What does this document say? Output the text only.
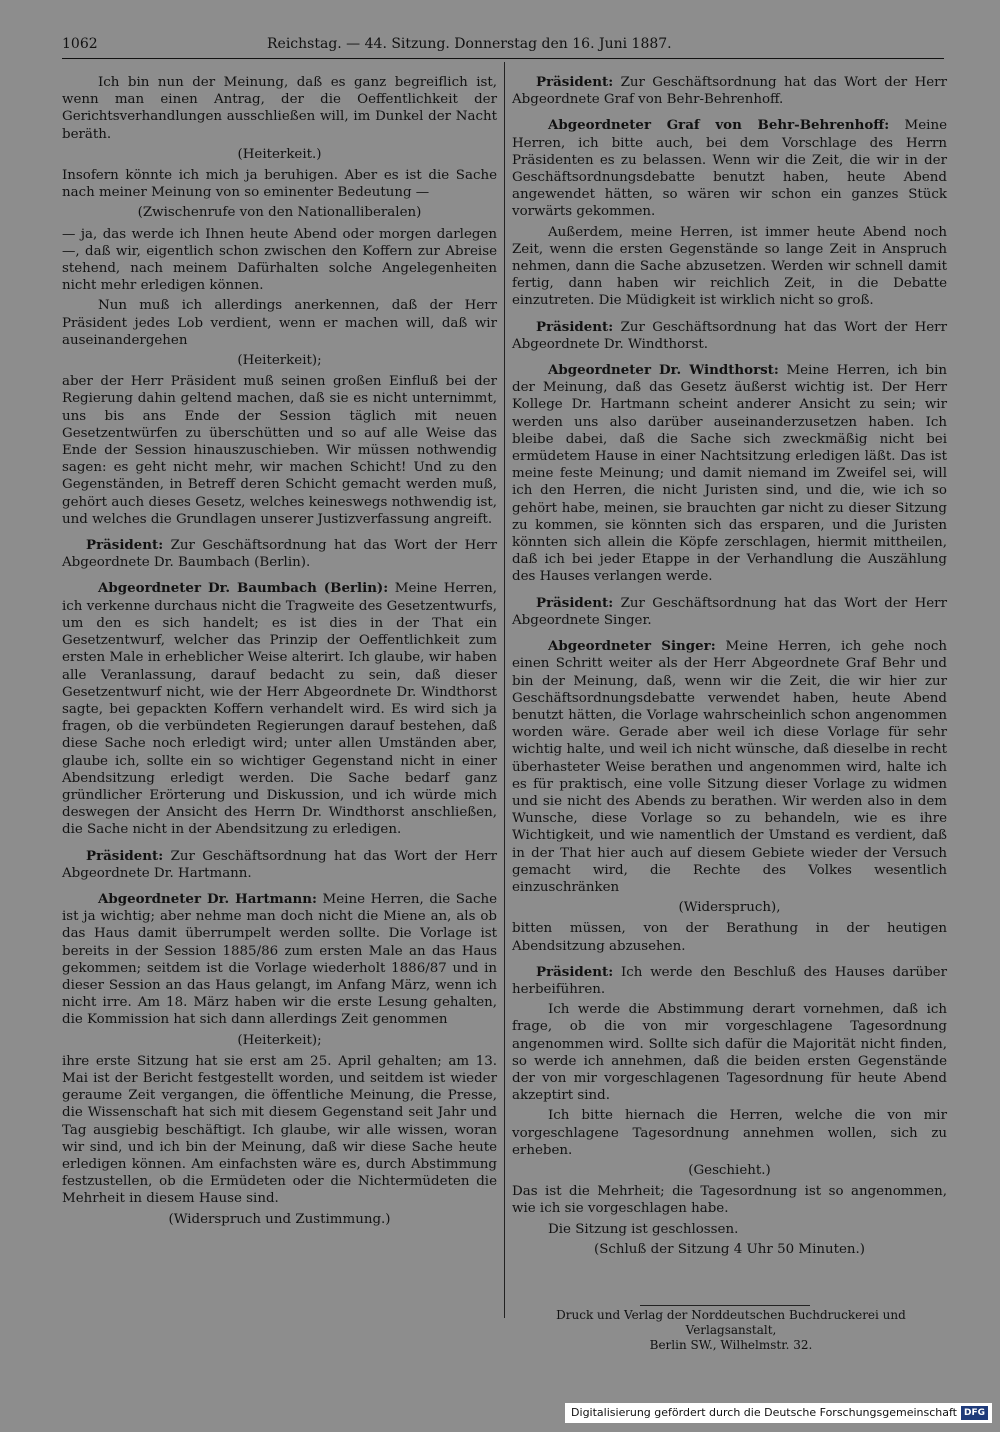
1062	Reichstag. — 44. Sitzung. Donnerstag den 16. Juni 1887.

Ich bin nun der Meinung, daß es ganz begreiflich ist, wenn man einen Antrag, der die Oeffentlichkeit der Gerichtsverhandlungen ausschließen will, im Dunkel der Nacht beräth.

(Heiterkeit.)

Insofern könnte ich mich ja beruhigen. Aber es ist die Sache nach meiner Meinung von so eminenter Bedeutung —

(Zwischenrufe von den Nationalliberalen)

— ja, das werde ich Ihnen heute Abend oder morgen darlegen —, daß wir, eigentlich schon zwischen den Koffern zur Abreise stehend, nach meinem Dafürhalten solche Angelegenheiten nicht mehr erledigen können.

Nun muß ich allerdings anerkennen, daß der Herr Präsident jedes Lob verdient, wenn er machen will, daß wir auseinandergehen

(Heiterkeit);

aber der Herr Präsident muß seinen großen Einfluß bei der Regierung dahin geltend machen, daß sie es nicht unternimmt, uns bis ans Ende der Session täglich mit neuen Gesetzentwürfen zu überschütten und so auf alle Weise das Ende der Session hinauszuschieben. Wir müssen nothwendig sagen: es geht nicht mehr, wir machen Schicht! Und zu den Gegenständen, in Betreff deren Schicht gemacht werden muß, gehört auch dieses Gesetz, welches keineswegs nothwendig ist, und welches die Grundlagen unserer Justizverfassung angreift.

Präsident: Zur Geschäftsordnung hat das Wort der Herr Abgeordnete Dr. Baumbach (Berlin).

Abgeordneter Dr. Baumbach (Berlin): Meine Herren, ich verkenne durchaus nicht die Tragweite des Gesetzentwurfs, um den es sich handelt; es ist dies in der That ein Gesetzentwurf, welcher das Prinzip der Oeffentlichkeit zum ersten Male in erheblicher Weise alterirt. Ich glaube, wir haben alle Veranlassung, darauf bedacht zu sein, daß dieser Gesetzentwurf nicht, wie der Herr Abgeordnete Dr. Windthorst sagte, bei gepackten Koffern verhandelt wird. Es wird sich ja fragen, ob die verbündeten Regierungen darauf bestehen, daß diese Sache noch erledigt wird; unter allen Umständen aber, glaube ich, sollte ein so wichtiger Gegenstand nicht in einer Abendsitzung erledigt werden. Die Sache bedarf ganz gründlicher Erörterung und Diskussion, und ich würde mich deswegen der Ansicht des Herrn Dr. Windthorst anschließen, die Sache nicht in der Abendsitzung zu erledigen.

Präsident: Zur Geschäftsordnung hat das Wort der Herr Abgeordnete Dr. Hartmann.

Abgeordneter Dr. Hartmann: Meine Herren, die Sache ist ja wichtig; aber nehme man doch nicht die Miene an, als ob das Haus damit überrumpelt werden sollte. Die Vorlage ist bereits in der Session 1885/86 zum ersten Male an das Haus gekommen; seitdem ist die Vorlage wiederholt 1886/87 und in dieser Session an das Haus gelangt, im Anfang März, wenn ich nicht irre. Am 18. März haben wir die erste Lesung gehalten, die Kommission hat sich dann allerdings Zeit genommen

(Heiterkeit);

ihre erste Sitzung hat sie erst am 25. April gehalten; am 13. Mai ist der Bericht festgestellt worden, und seitdem ist wieder geraume Zeit vergangen, die öffentliche Meinung, die Presse, die Wissenschaft hat sich mit diesem Gegenstand seit Jahr und Tag ausgiebig beschäftigt. Ich glaube, wir alle wissen, woran wir sind, und ich bin der Meinung, daß wir diese Sache heute erledigen können. Am einfachsten wäre es, durch Abstimmung festzustellen, ob die Ermüdeten oder die Nichtermüdeten die Mehrheit in diesem Hause sind.

(Widerspruch und Zustimmung.)

Präsident: Zur Geschäftsordnung hat das Wort der Herr Abgeordnete Graf von Behr-Behrenhoff.

Abgeordneter Graf von Behr-Behrenhoff: Meine Herren, ich bitte auch, bei dem Vorschlage des Herrn Präsidenten es zu belassen. Wenn wir die Zeit, die wir in der Geschäftsordnungsdebatte benutzt haben, heute Abend angewendet hätten, so wären wir schon ein ganzes Stück vorwärts gekommen.

Außerdem, meine Herren, ist immer heute Abend noch Zeit, wenn die ersten Gegenstände so lange Zeit in Anspruch nehmen, dann die Sache abzusetzen. Werden wir schnell damit fertig, dann haben wir reichlich Zeit, in die Debatte einzutreten. Die Müdigkeit ist wirklich nicht so groß.

Präsident: Zur Geschäftsordnung hat das Wort der Herr Abgeordnete Dr. Windthorst.

Abgeordneter Dr. Windthorst: Meine Herren, ich bin der Meinung, daß das Gesetz äußerst wichtig ist. Der Herr Kollege Dr. Hartmann scheint anderer Ansicht zu sein; wir werden uns also darüber auseinanderzusetzen haben. Ich bleibe dabei, daß die Sache sich zweckmäßig nicht bei ermüdetem Hause in einer Nachtsitzung erledigen läßt. Das ist meine feste Meinung; und damit niemand im Zweifel sei, will ich den Herren, die nicht Juristen sind, und die, wie ich so gehört habe, meinen, sie brauchten gar nicht zu dieser Sitzung zu kommen, sie könnten sich das ersparen, und die Juristen könnten sich allein die Köpfe zerschlagen, hiermit mittheilen, daß ich bei jeder Etappe in der Verhandlung die Auszählung des Hauses verlangen werde.

Präsident: Zur Geschäftsordnung hat das Wort der Herr Abgeordnete Singer.

Abgeordneter Singer: Meine Herren, ich gehe noch einen Schritt weiter als der Herr Abgeordnete Graf Behr und bin der Meinung, daß, wenn wir die Zeit, die wir hier zur Geschäftsordnungsdebatte verwendet haben, heute Abend benutzt hätten, die Vorlage wahrscheinlich schon angenommen worden wäre. Gerade aber weil ich diese Vorlage für sehr wichtig halte, und weil ich nicht wünsche, daß dieselbe in recht überhasteter Weise berathen und angenommen wird, halte ich es für praktisch, eine volle Sitzung dieser Vorlage zu widmen und sie nicht des Abends zu berathen. Wir werden also in dem Wunsche, diese Vorlage so zu behandeln, wie es ihre Wichtigkeit, und wie namentlich der Umstand es verdient, daß in der That hier auch auf diesem Gebiete wieder der Versuch gemacht wird, die Rechte des Volkes wesentlich einzuschränken

(Widerspruch),

bitten müssen, von der Berathung in der heutigen Abendsitzung abzusehen.

Präsident: Ich werde den Beschluß des Hauses darüber herbeiführen.

Ich werde die Abstimmung derart vornehmen, daß ich frage, ob die von mir vorgeschlagene Tagesordnung angenommen wird. Sollte sich dafür die Majorität nicht finden, so werde ich annehmen, daß die beiden ersten Gegenstände der von mir vorgeschlagenen Tagesordnung für heute Abend akzeptirt sind.

Ich bitte hiernach die Herren, welche die von mir vorgeschlagene Tagesordnung annehmen wollen, sich zu erheben.

(Geschieht.)

Das ist die Mehrheit; die Tagesordnung ist so angenommen, wie ich sie vorgeschlagen habe.

Die Sitzung ist geschlossen.

(Schluß der Sitzung 4 Uhr 50 Minuten.)

Druck und Verlag der Norddeutschen Buchdruckerei und Verlagsanstalt,
Berlin SW., Wilhelmstr. 32.
Digitalisierung gefördert durch die Deutsche Forschungsgemeinschaft DFG
